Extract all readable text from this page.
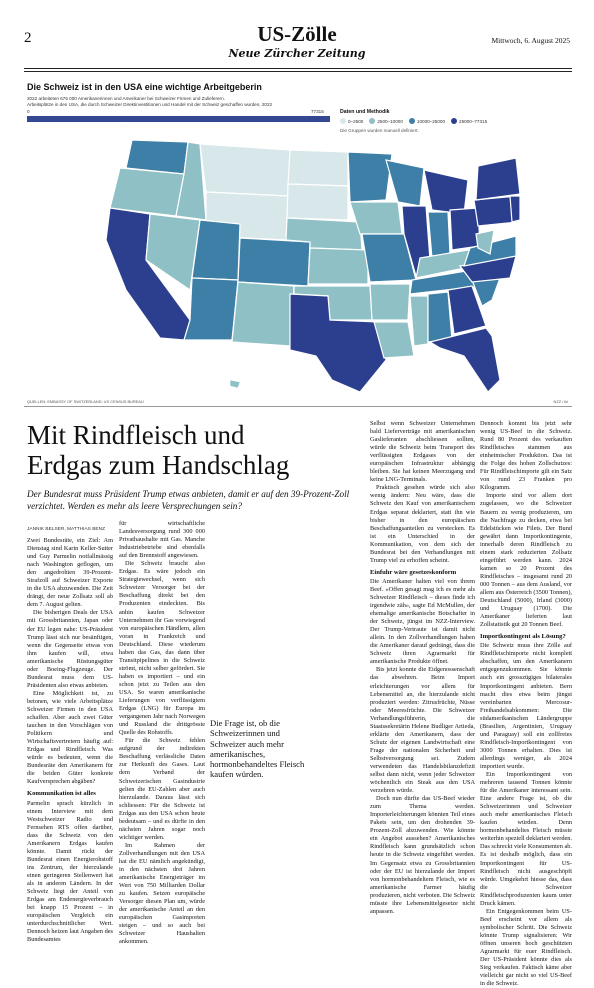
2	US-Zölle
Neue Zürcher Zeitung
Mittwoch, 6. August 2025
Die Schweiz ist in den USA eine wichtige Arbeitgeberin
2022 arbeiteten 675 000 Amerikanerinnen und Amerikaner bei Schweizer Firmen und Zulieferern.
Arbeitsplätze in den USA, die durch Schweizer Direktinvestitionen und Handel mit der Schweiz geschaffen wurden, 2022
0	77315	Daten und Methodik
0–2500	2500–10000	10000–25000	25000–77315
Die Gruppen wurden manuell definiert.
QUELLEN: EMBASSY OF SWITZERLAND; US CENSUS BUREAU	NZZ / lkl
Mit Rindfleisch und
Erdgas zum Handschlag
Der Bundesrat muss Präsident Trump etwas anbieten, damit er auf den 39-Prozent-Zoll verzichtet. Werden es mehr als leere Versprechungen sein?
JANNIK BELSER, MATTHIAS BENZ

Zwei Bundesräte, ein Ziel: Am Dienstag sind Karin Keller-Sutter und Guy Parmelin notfallmässig nach Washington geflogen, um den angedrohten 39-Prozent-Strafzoll auf Schweizer Exporte in die USA abzuwenden. Die Zeit drängt, der neue Zollsatz soll ab dem 7. August gelten.

Die bisherigen Deals der USA mit Grossbritannien, Japan oder der EU legen nahe: US-Präsident Trump lässt sich nur besänftigen, wenn die Gegenseite etwas von ihm kaufen will, etwa amerikanische Rüstungsgüter oder Boeing-Flugzeuge. Der Bundesrat muss dem US-Präsidenten also etwas anbieten.

Eine Möglichkeit ist, zu betonen, wie viele Arbeitsplätze Schweizer Firmen in den USA schaffen. Aber auch zwei Güter tauchen in den Vorschlägen von Politikern und Wirtschaftsvertretern häufig auf: Erdgas und Rindfleisch. Was würde es bedeuten, wenn die Bundesräte den Amerikanern für die beiden Güter konkrete Kaufversprechen abgäben?

Kommunikation ist alles

Parmelin sprach kürzlich in einem Interview mit dem Westschweizer Radio und Fernsehen RTS offen darüber, dass die Schweiz von den Amerikanern Erdgas kaufen könnte. Damit rückt der Bundesrat einen Energierohstoff ins Zentrum, der hierzulande einen geringeren Stellenwert hat als in anderen Ländern. In der Schweiz liegt der Anteil von Erdgas am Endenergieverbrauch bei knapp 15 Prozent – in europäischen Vergleich ein unterdurchschnittlicher Wert. Dennoch heizen laut Angaben des Bundesamtes

für wirtschaftliche Landesversorgung rund 300 000 Privathaushalte mit Gas. Manche Industriebetriebe sind ebenfalls auf den Brennstoff angewiesen.

Die Schweiz braucht also Erdgas. Es wäre jedoch ein Strategiewechsel, wenn sich Schweizer Versorger bei der Beschaffung direkt bei den Produzenten eindeckten. Bis anhin kaufen Schweizer Unternehmen ihr Gas vorwiegend von europäischen Händlern, allen voran in Frankreich und Deutschland. Diese wiederum haben das Gas, das dann über Transitpipelines in die Schweiz strömt, nicht selber gefördert. Sie haben es importiert – und ein schon jetzt zu Teilen aus den USA. So waren amerikanische Lieferungen von verflüssigtem Erdgas (LNG) für Europa im vergangenen Jahr nach Norwegen und Russland die drittgrösste Quelle des Rohstoffs.

Für die Schweiz fehlen aufgrund der indirekten Beschaffung verlässliche Daten zur Herkunft des Gases. Laut dem Verband der Schweizerischen Gasindustrie gelten die EU-Zahlen aber auch hierzulande. Daraus lässt sich schliessen: Für die Schweiz ist Erdgas aus den USA schon heute bedeutsam – und es dürfte in den nächsten Jahren sogar noch wichtiger werden.

Im Rahmen der Zollverhandlungen mit den USA hat die EU nämlich angekündigt, in den nächsten drei Jahren amerikanische Energieträger im Wert von 750 Milliarden Dollar zu kaufen. Setzen europäische Versorger diesen Plan um, würde der amerikanische Anteil an den europäischen Gasimporten steigen – und so auch bei Schweizer Haushalten ankommen.

Die Frage ist, ob die Schweizerinnen und Schweizer auch mehr amerikanisches, hormonbehandeltes Fleisch kaufen würden.

Selbst wenn Schweizer Unternehmen bald Lieferverträge mit amerikanischen Gaslieferanten abschliessen sollten, würde die Schweiz beim Transport des verflüssigten Erdgases von der europäischen Infrastruktur abhängig bleiben. Sie hat keinen Meerzugang und keine LNG-Terminals.

Praktisch gesehen würde sich also wenig ändern: Neu wäre, dass die Schweiz den Kauf von amerikanischem Erdgas separat deklariert, statt ihn wie bisher in den europäischen Beschaffungsanteilen zu verstecken. Es ist ein Unterschied in der Kommunikation, von dem sich der Bundesrat bei den Verhandlungen mit Trump viel zu erhoffen scheint.

Einfuhr wäre gesetzeskonform

Die Amerikaner halten viel von ihrem Beef. «Offen gesagt mag ich es mehr als Schweizer Rindfleisch – dieses finde ich irgendwie zäh», sagte Ed McMullen, der ehemalige amerikanische Botschafter in der Schweiz, jüngst im NZZ-Interview. Der Trump-Vertraute ist damit nicht allein. In den Zollverhandlungen haben die Amerikaner darauf gedrängt, dass die Schweiz ihren Agrarmarkt für amerikanische Produkte öffnet.

Bis jetzt konnte die Eidgenossenschaft das abwehren. Beim Import erleichterungen vor allem für Lebensmittel an, die hierzulande nicht produziert werden: Zitrusfrüchte, Nüsse oder Meeresfrüchte. Die Schweizer Verhandlungsführerin, die Staatssekretärin Helene Budliger Artieda, erklärte den Amerikanern, dass der Schutz der eigenen Landwirtschaft eine Frage der nationalen Sicherheit und Selbstversorgung sei. Zudem verwendeten das Handelsbilanzdefizit selbst dann nicht, wenn jeder Schweizer wöchentlich ein Steak aus den USA verzehren würde.

Doch nun dürfte das US-Beef wieder zum Thema werden. Importerleichterungen könnten Teil eines Pakets sein, um den drohenden 39-Prozent-Zoll abzuwenden. Wie könnte ein Angebot aussehen? Amerikanisches Rindfleisch kann grundsätzlich schon heute in die Schweiz eingeführt werden. Im Gegensatz etwa zu Grossbritannien oder der EU ist hierzulande der Import von hormonbehandeltem Fleisch, wie es amerikanische Farmer häufig produzieren, nicht verboten. Die Schweiz müsste ihre Lebensmittelgesetze nicht anpassen.

Dennoch kommt bis jetzt sehr wenig US-Beef in die Schweiz. Rund 80 Prozent des verkauften Rindfleisches stammen aus einheimischer Produktion. Das ist die Folge des hohen Zollschutzes: Für Rindfleischimporte gilt ein Satz von rund 23 Franken pro Kilogramm.

Importe sind vor allem dort zugelassen, wo die Schweizer Bauern zu wenig produzieren, um die Nachfrage zu decken, etwa bei Edelstücken wie Filets. Der Bund gewährt dann Importkontingente, innerhalb deren Rindfleisch zu einem stark reduzierten Zollsatz eingeführt werden kann. 2024 kamen so 20 Prozent des Rindfleisches – insgesamt rund 20 000 Tonnen – aus dem Ausland, vor allem aus Österreich (3500 Tonnen), Deutschland (5000), Irland (3000) und Uruguay (1700). Die Amerikaner lieferten laut Zollstatistik gut 20 Tonnen Beef.

Importkontingent als Lösung?

Die Schweiz muss ihre Zölle auf Rindfleischimporte nicht komplett abschaffen, um den Amerikanern entgegenzukommen. Sie könnte auch ein grosszügiges bilaterales Importkontingent anbieten. Bern macht dies etwa beim jüngst vereinbarten Mercosur-Freihandelsabkommen: Die südamerikanischen Ländergruppe (Brasilien, Argentinien, Uruguay und Paraguay) soll ein zollfreies Rindfleisch-Importkontingent von 3000 Tonnen erhalten. Dies ist allerdings weniger, als 2024 importiert wurde.

Ein Importkontingent von mehreren tausend Tonnen könnte für die Amerikaner interessant sein. Eine andere Frage ist, ob die Schweizerinnen und Schweizer auch mehr amerikanisches Fleisch kaufen würden. Denn hormonbehandeltes Fleisch müsste weiterhin speziell deklariert werden. Das schreckt viele Konsumenten ab. Es ist deshalb möglich, dass ein Importkontingent für US-Rindfleisch nicht ausgeschöpft würde. Umgekehrt hiesse das, dass die Schweizer Rindfleischproduzenten kaum unter Druck kämen.

Ein Entgegenkommen beim US-Beef erscheint vor allem als symbolischer Schritt. Die Schweiz könnte Trump signalisieren: Wir öffnen unseren hoch geschützten Agrarmarkt für euer Rindfleisch. Der US-Präsident könnte dies als Sieg verkaufen. Faktisch käme aber vielleicht gar nicht so viel US-Beef in die Schweiz.
